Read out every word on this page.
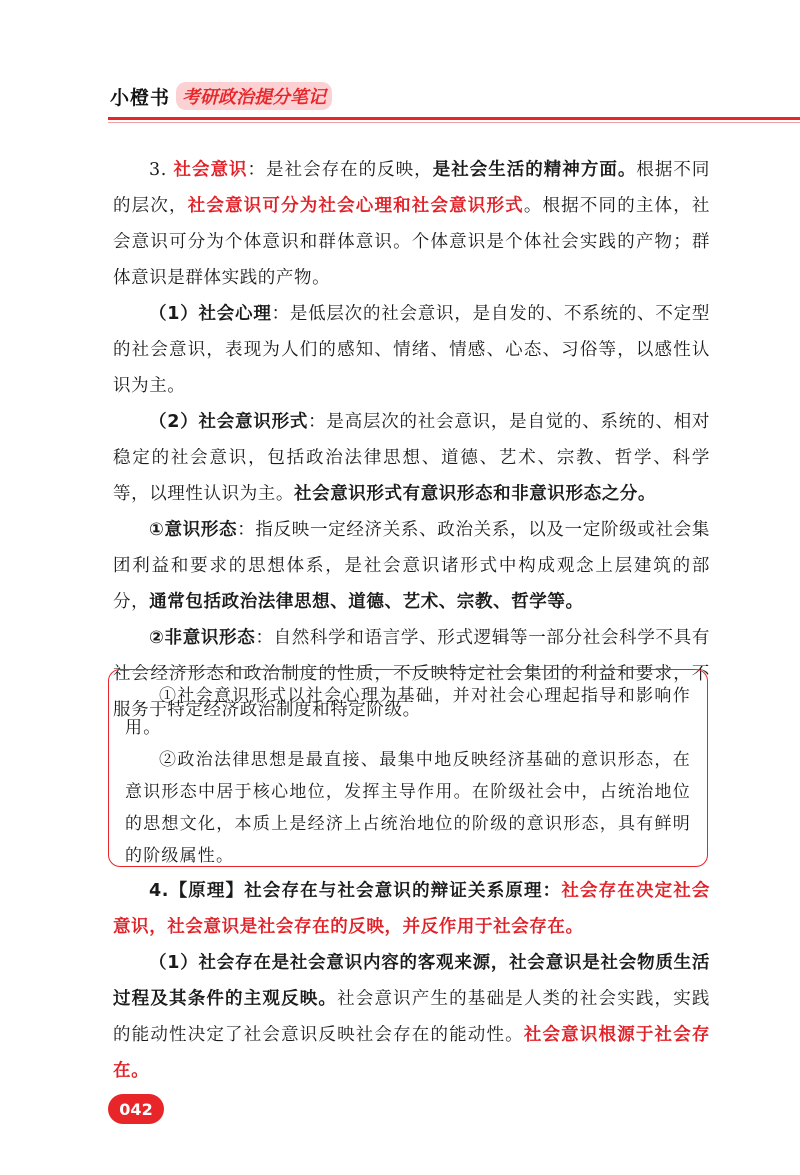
小橙书 考研政治提分笔记

3. 社会意识：是社会存在的反映，是社会生活的精神方面。根据不同的层次，社会意识可分为社会心理和社会意识形式。根据不同的主体，社会意识可分为个体意识和群体意识。个体意识是个体社会实践的产物；群体意识是群体实践的产物。

（1）社会心理：是低层次的社会意识，是自发的、不系统的、不定型的社会意识，表现为人们的感知、情绪、情感、心态、习俗等，以感性认识为主。

（2）社会意识形式：是高层次的社会意识，是自觉的、系统的、相对稳定的社会意识，包括政治法律思想、道德、艺术、宗教、哲学、科学等，以理性认识为主。社会意识形式有意识形态和非意识形态之分。

①意识形态：指反映一定经济关系、政治关系，以及一定阶级或社会集团利益和要求的思想体系，是社会意识诸形式中构成观念上层建筑的部分，通常包括政治法律思想、道德、艺术、宗教、哲学等。

②非意识形态：自然科学和语言学、形式逻辑等一部分社会科学不具有社会经济形态和政治制度的性质，不反映特定社会集团的利益和要求，不服务于特定经济政治制度和特定阶级。

①社会意识形式以社会心理为基础，并对社会心理起指导和影响作用。

②政治法律思想是最直接、最集中地反映经济基础的意识形态，在意识形态中居于核心地位，发挥主导作用。在阶级社会中，占统治地位的思想文化，本质上是经济上占统治地位的阶级的意识形态，具有鲜明的阶级属性。

4.【原理】社会存在与社会意识的辩证关系原理：社会存在决定社会意识，社会意识是社会存在的反映，并反作用于社会存在。

（1）社会存在是社会意识内容的客观来源，社会意识是社会物质生活过程及其条件的主观反映。社会意识产生的基础是人类的社会实践，实践的能动性决定了社会意识反映社会存在的能动性。社会意识根源于社会存在。

042
